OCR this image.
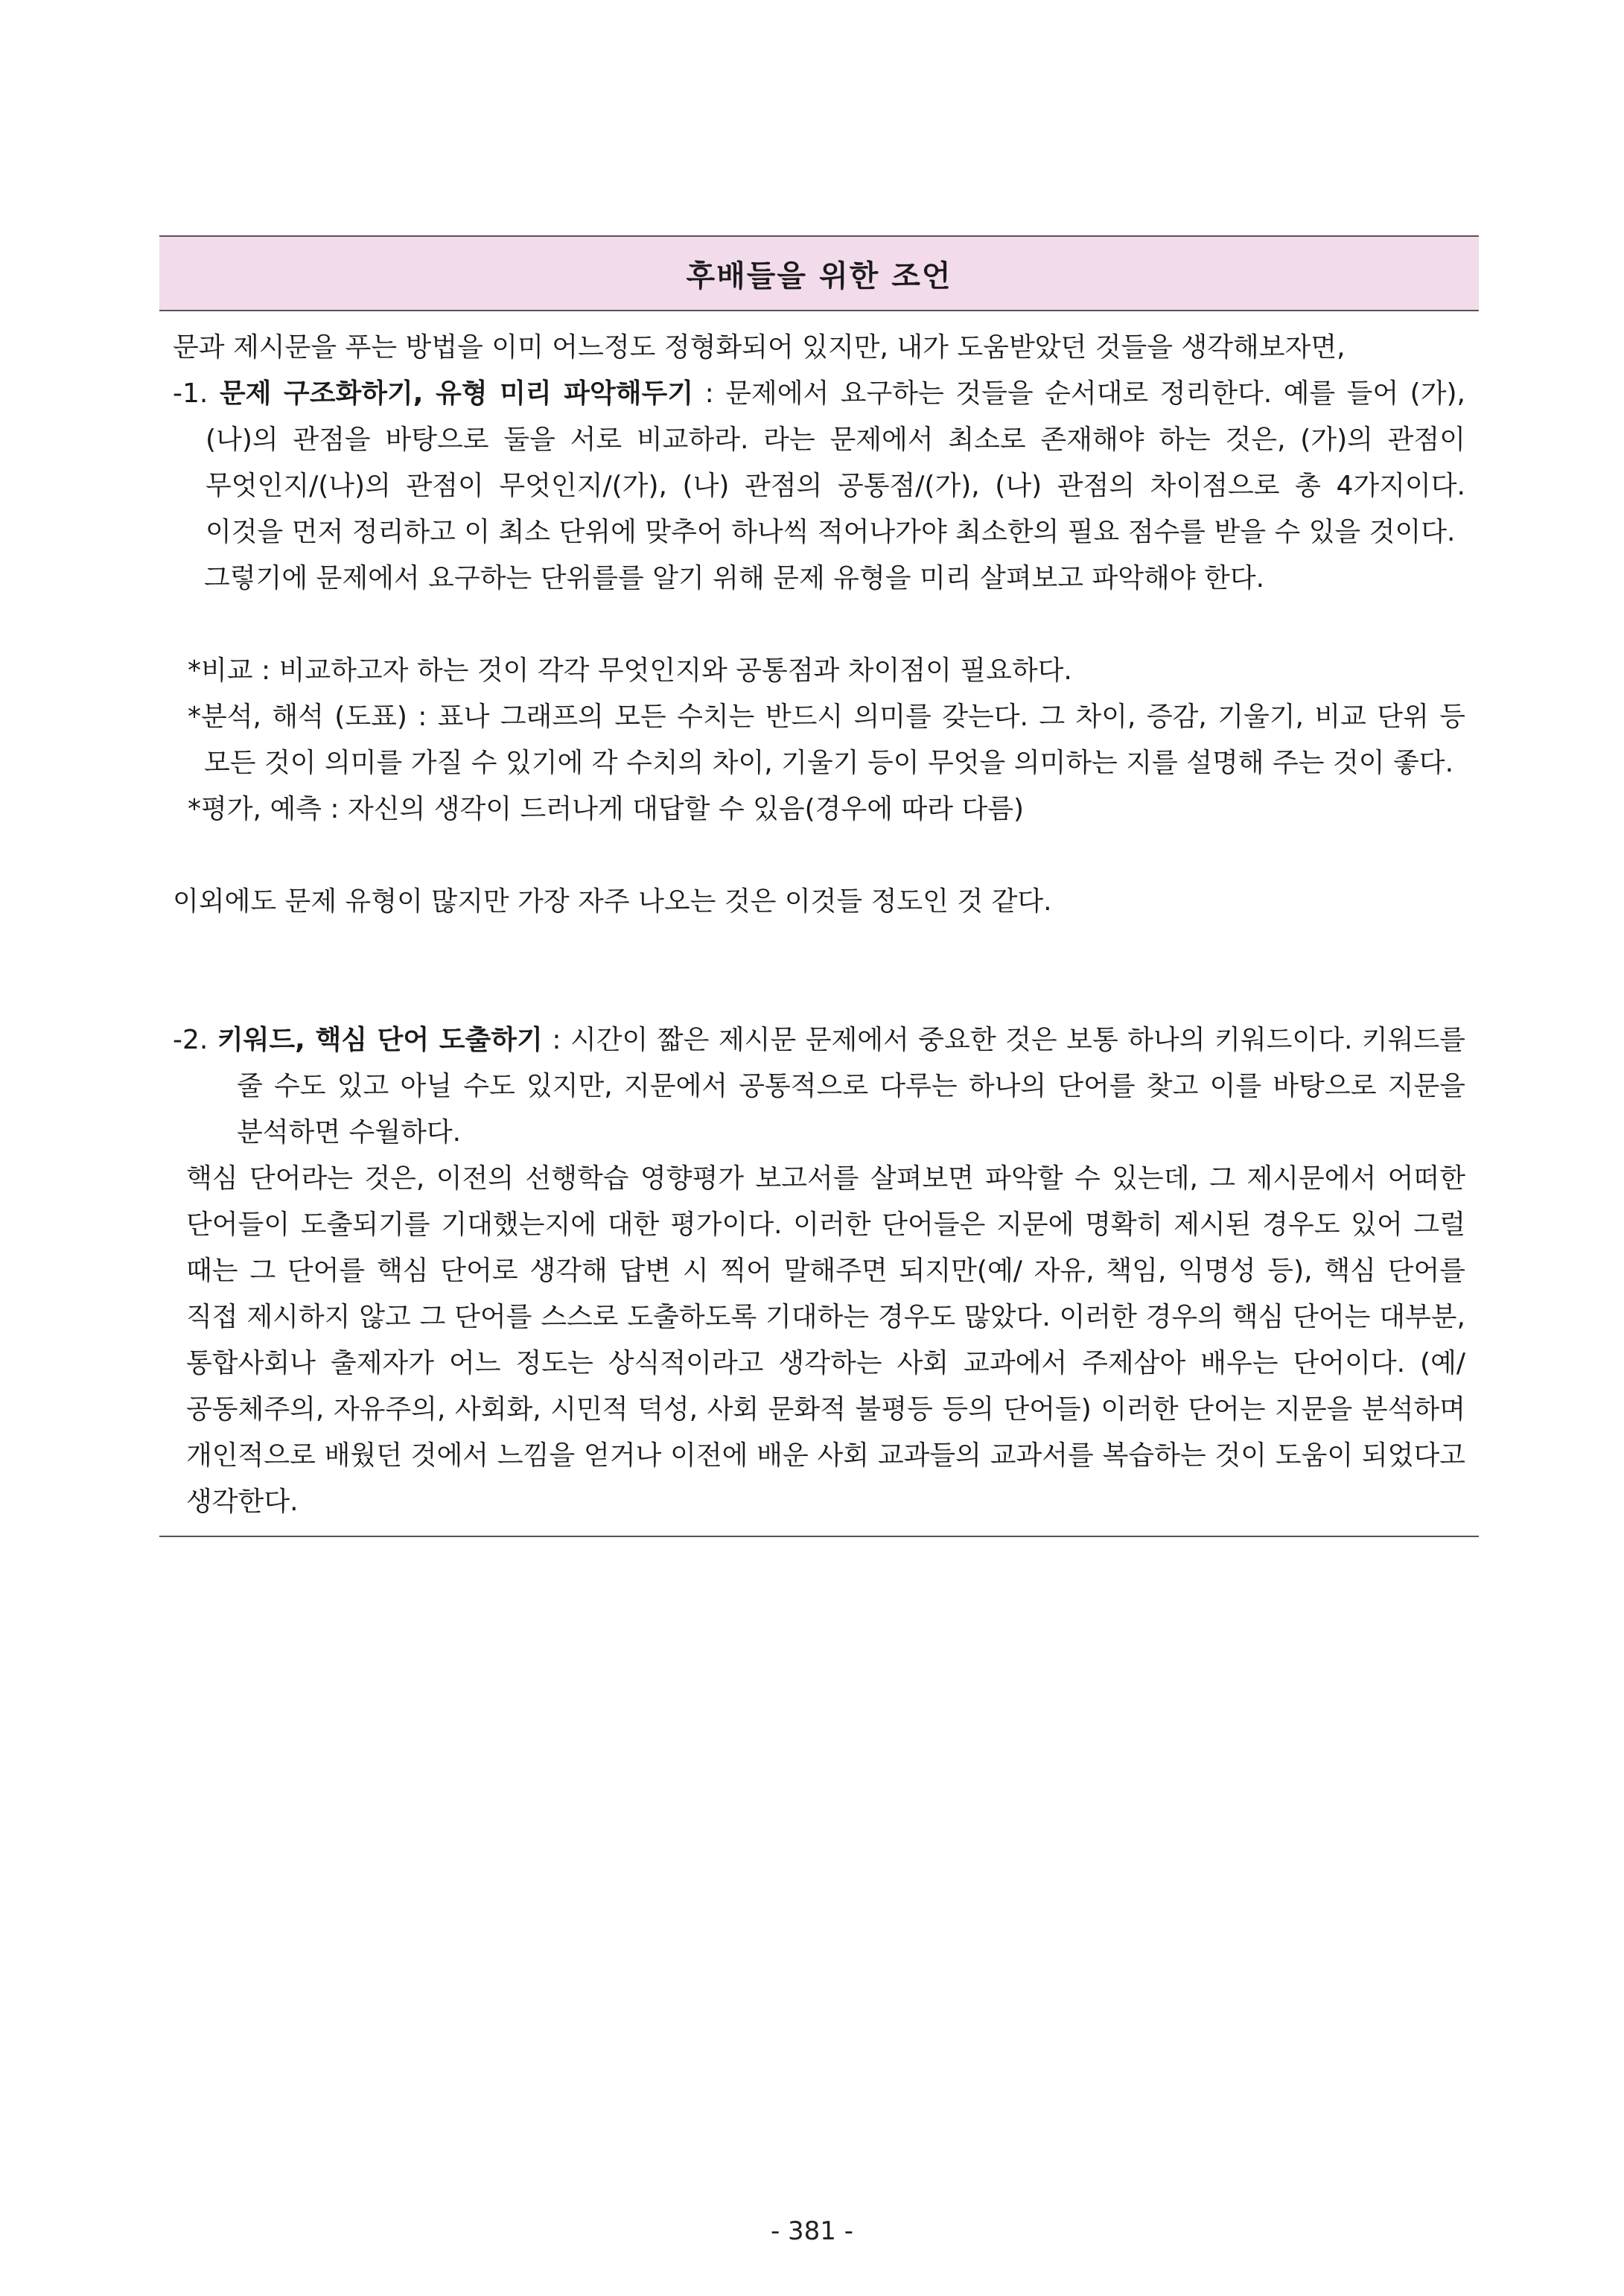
후배들을 위한 조언

문과 제시문을 푸는 방법을 이미 어느정도 정형화되어 있지만, 내가 도움받았던 것들을 생각해보자면,

-1. 문제 구조화하기, 유형 미리 파악해두기 : 문제에서 요구하는 것들을 순서대로 정리한다. 예를 들어 (가),(나)의 관점을 바탕으로 둘을 서로 비교하라. 라는 문제에서 최소로 존재해야 하는 것은, (가)의 관점이 무엇인지/(나)의 관점이 무엇인지/(가), (나) 관점의 공통점/(가), (나) 관점의 차이점으로 총 4가지이다. 이것을 먼저 정리하고 이 최소 단위에 맞추어 하나씩 적어나가야 최소한의 필요 점수를 받을 수 있을 것이다.

그렇기에 문제에서 요구하는 단위를를 알기 위해 문제 유형을 미리 살펴보고 파악해야 한다.

*비교 : 비교하고자 하는 것이 각각 무엇인지와 공통점과 차이점이 필요하다.

*분석, 해석 (도표) : 표나 그래프의 모든 수치는 반드시 의미를 갖는다. 그 차이, 증감, 기울기, 비교 단위 등 모든 것이 의미를 가질 수 있기에 각 수치의 차이, 기울기 등이 무엇을 의미하는 지를 설명해 주는 것이 좋다.

*평가, 예측 : 자신의 생각이 드러나게 대답할 수 있음(경우에 따라 다름)

이외에도 문제 유형이 많지만 가장 자주 나오는 것은 이것들 정도인 것 같다.

-2. 키워드, 핵심 단어 도출하기 : 시간이 짧은 제시문 문제에서 중요한 것은 보통 하나의 키워드이다. 키워드를 줄 수도 있고 아닐 수도 있지만, 지문에서 공통적으로 다루는 하나의 단어를 찾고 이를 바탕으로 지문을 분석하면 수월하다.

핵심 단어라는 것은, 이전의 선행학습 영향평가 보고서를 살펴보면 파악할 수 있는데, 그 제시문에서 어떠한 단어들이 도출되기를 기대했는지에 대한 평가이다. 이러한 단어들은 지문에 명확히 제시된 경우도 있어 그럴 때는 그 단어를 핵심 단어로 생각해 답변 시 찍어 말해주면 되지만(예/ 자유, 책임, 익명성 등), 핵심 단어를 직접 제시하지 않고 그 단어를 스스로 도출하도록 기대하는 경우도 많았다. 이러한 경우의 핵심 단어는 대부분, 통합사회나 출제자가 어느 정도는 상식적이라고 생각하는 사회 교과에서 주제삼아 배우는 단어이다. (예/ 공동체주의, 자유주의, 사회화, 시민적 덕성, 사회 문화적 불평등 등의 단어들) 이러한 단어는 지문을 분석하며 개인적으로 배웠던 것에서 느낌을 얻거나 이전에 배운 사회 교과들의 교과서를 복습하는 것이 도움이 되었다고 생각한다.

- 381 -
